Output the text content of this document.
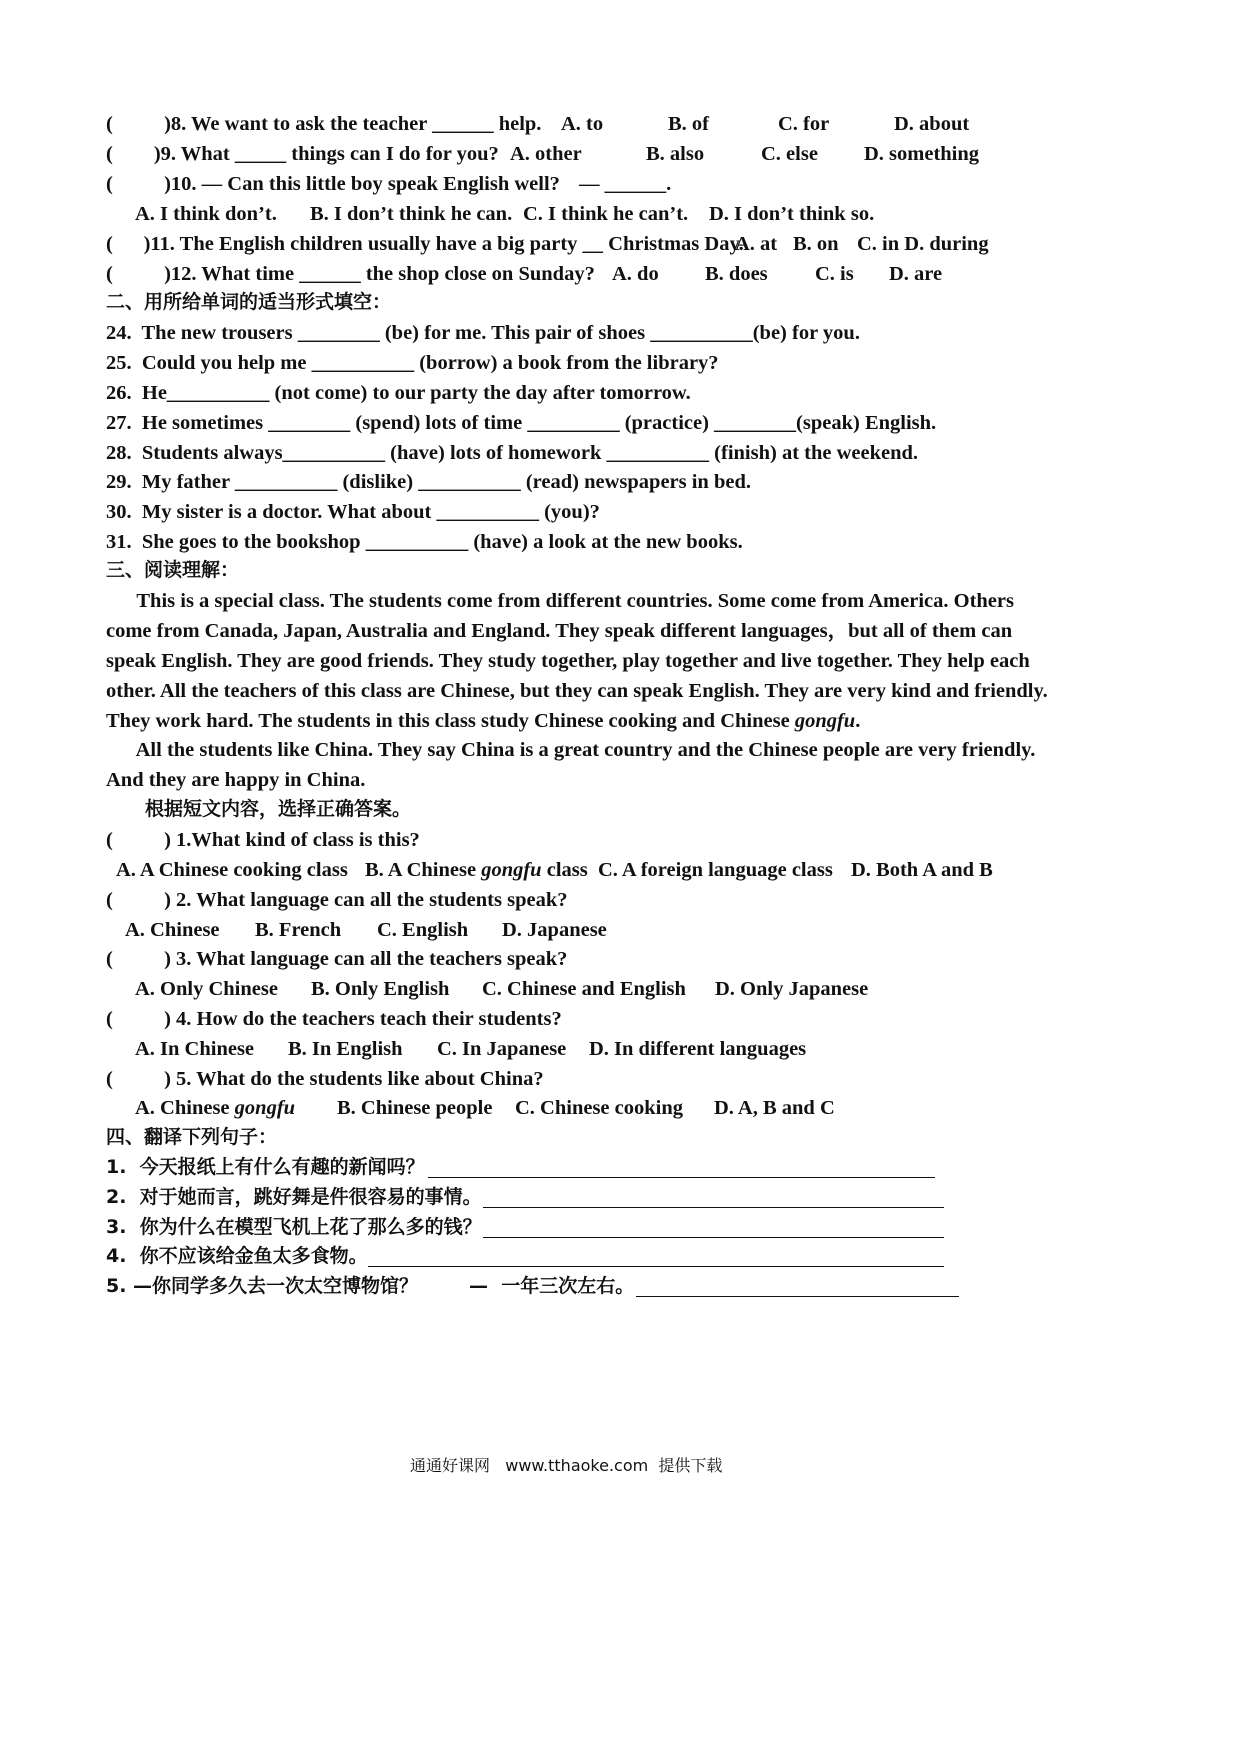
(          )8. We want to ask the teacher ______ help. A. to	B. of	C. for	D. about
(        )9. What _____ things can I do for you? A. other	B. also	C. else D. something
(          )10. — Can this little boy speak English well? — ______.
A. I think don’t. B. I don’t think he can. C. I think he can’t. D. I don’t think so.
(      )11. The English children usually have a big party __ Christmas Day.
A. at B. on C. in D. during
(          )12. What time ______ the shop close on Sunday? A. do B. does C. is D. are
二、用所给单词的适当形式填空：
24.  The new trousers ________ (be) for me. This pair of shoes __________(be) for you.
25.  Could you help me __________ (borrow) a book from the library?
26.  He__________ (not come) to our party the day after tomorrow.
27.  He sometimes ________ (spend) lots of time _________ (practice) ________(speak) English.
28.  Students always__________ (have) lots of homework __________ (finish) at the weekend.
29.  My father __________ (dislike) __________ (read) newspapers in bed.
30.  My sister is a doctor. What about __________ (you)?
31.  She goes to the bookshop __________ (have) a look at the new books.
三、阅读理解：
This is a special class. The students come from different countries. Some come from America. Others
come from Canada, Japan, Australia and England. They speak different languages，but all of them can
speak English. They are good friends. They study together, play together and live together. They help each
other. All the teachers of this class are Chinese, but they can speak English. They are very kind and friendly.
They work hard. The students in this class study Chinese cooking and Chinese gongfu.
All the students like China. They say China is a great country and the Chinese people are very friendly.
And they are happy in China.
根据短文内容，选择正确答案。
(          ) 1.What kind of class is this?
A. A Chinese cooking class B. A Chinese gongfu class C. A foreign language class D. Both A and B
(          ) 2. What language can all the students speak?
A. Chinese B. French C. English D. Japanese
(          ) 3. What language can all the teachers speak?
A. Only Chinese B. Only English C. Chinese and English D. Only Japanese
(          ) 4. How do the teachers teach their students?
A. In Chinese B. In English C. In Japanese D. In different languages
(          ) 5. What do the students like about China?
A. Chinese gongfu B. Chinese people C. Chinese cooking D. A, B and C
四、翻译下列句子：
1.  今天报纸上有什么有趣的新闻吗？
2.  对于她而言，跳好舞是件很容易的事情。
3.  你为什么在模型飞机上花了那么多的钱？
4.  你不应该给金鱼太多食物。
5. —你同学多久去一次太空博物馆？	—  一年三次左右。
通通好课网   www.tthaoke.com  提供下载
